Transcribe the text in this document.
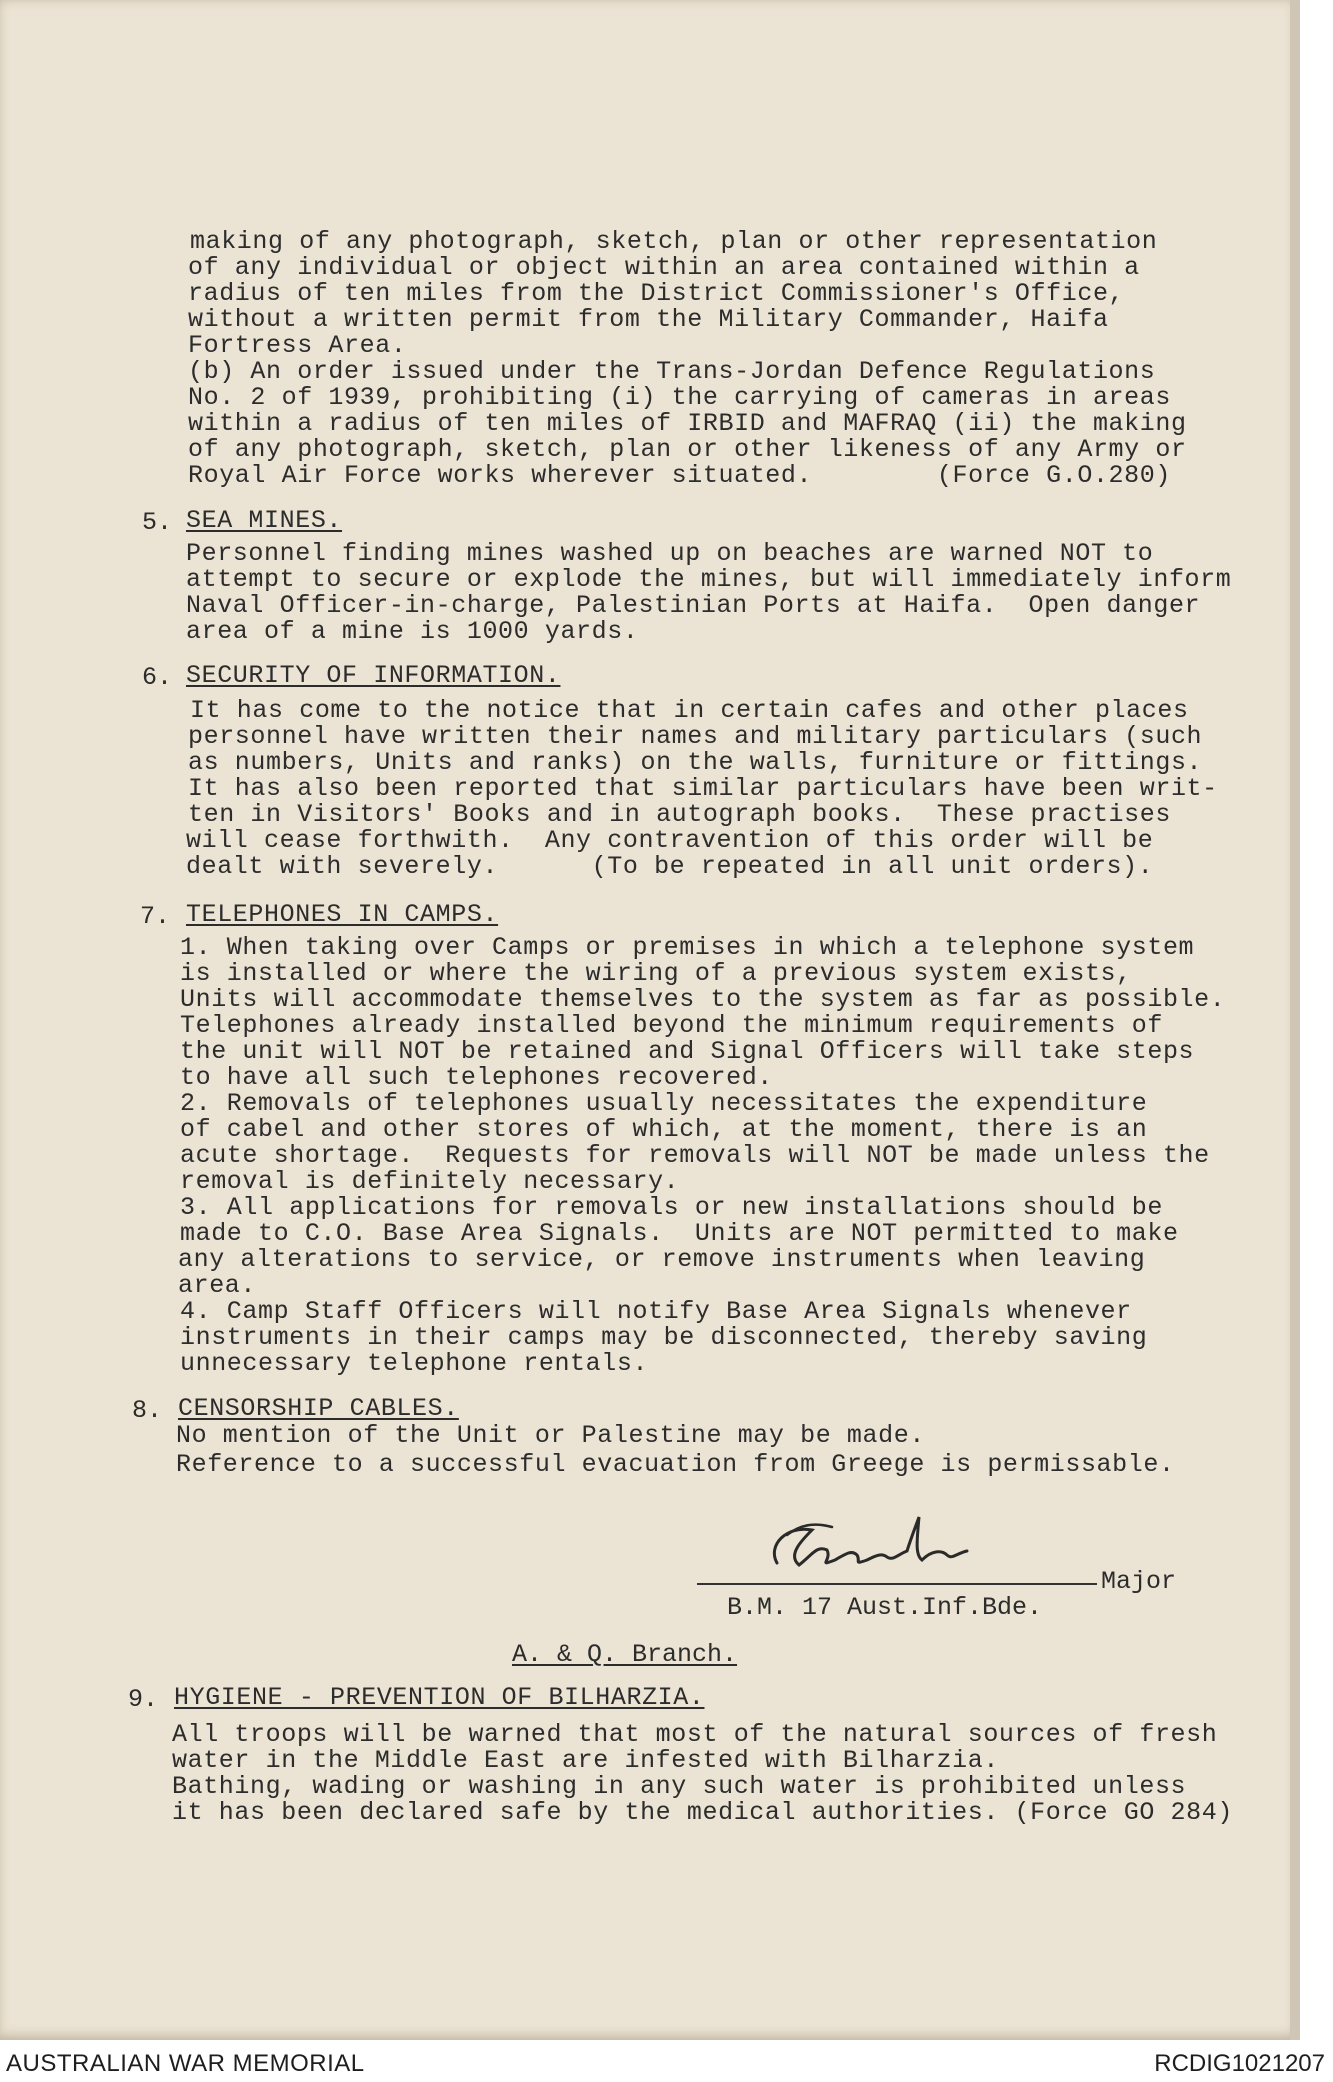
making of any photograph, sketch, plan or other representation
of any individual or object within an area contained within a
radius of ten miles from the District Commissioner's Office,
without a written permit from the Military Commander, Haifa
Fortress Area.
(b) An order issued under the Trans-Jordan Defence Regulations
No. 2 of 1939, prohibiting (i) the carrying of cameras in areas
within a radius of ten miles of IRBID and MAFRAQ (ii) the making
of any photograph, sketch, plan or other likeness of any Army or
Royal Air Force works wherever situated.        (Force G.O.280)
5. SEA MINES.
Personnel finding mines washed up on beaches are warned NOT to
attempt to secure or explode the mines, but will immediately inform
Naval Officer-in-charge, Palestinian Ports at Haifa.  Open danger
area of a mine is 1000 yards.
6. SECURITY OF INFORMATION.
It has come to the notice that in certain cafes and other places
personnel have written their names and military particulars (such
as numbers, Units and ranks) on the walls, furniture or fittings.
It has also been reported that similar particulars have been writ-
ten in Visitors' Books and in autograph books.  These practises
will cease forthwith.  Any contravention of this order will be
dealt with severely.      (To be repeated in all unit orders).
7. TELEPHONES IN CAMPS.
1. When taking over Camps or premises in which a telephone system
is installed or where the wiring of a previous system exists,
Units will accommodate themselves to the system as far as possible.
Telephones already installed beyond the minimum requirements of
the unit will NOT be retained and Signal Officers will take steps
to have all such telephones recovered.
2. Removals of telephones usually necessitates the expenditure
of cabel and other stores of which, at the moment, there is an
acute shortage.  Requests for removals will NOT be made unless the
removal is definitely necessary.
3. All applications for removals or new installations should be
made to C.O. Base Area Signals.  Units are NOT permitted to make
any alterations to service, or remove instruments when leaving
area.
4. Camp Staff Officers will notify Base Area Signals whenever
instruments in their camps may be disconnected, thereby saving
unnecessary telephone rentals.
8. CENSORSHIP CABLES.
No mention of the Unit or Palestine may be made.
Reference to a successful evacuation from Greege is permissable.
Major
B.M. 17 Aust.Inf.Bde.
A. & Q. Branch.
9. HYGIENE - PREVENTION OF BILHARZIA.
All troops will be warned that most of the natural sources of fresh
water in the Middle East are infested with Bilharzia.
Bathing, wading or washing in any such water is prohibited unless
it has been declared safe by the medical authorities. (Force GO 284)
AUSTRALIAN WAR MEMORIAL	RCDIG1021207
